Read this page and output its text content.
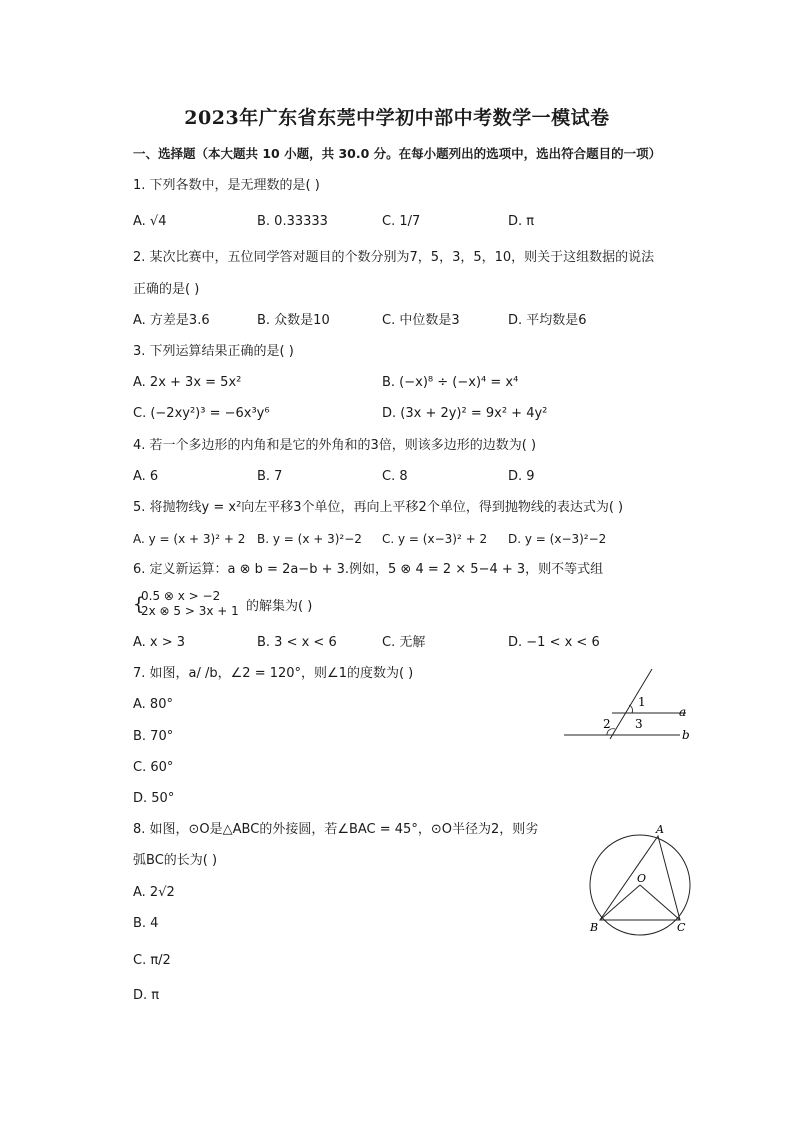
2023年广东省东莞中学初中部中考数学一模试卷
一、选择题（本大题共 10 小题，共 30.0 分。在每小题列出的选项中，选出符合题目的一项）
1. 下列各数中，是无理数的是( )
A. √4	B. 0.33333	C. 1/7	D. π
2. 某次比赛中，五位同学答对题目的个数分别为7，5，3，5，10，则关于这组数据的说法
正确的是( )
A. 方差是3.6	B. 众数是10	C. 中位数是3	D. 平均数是6
3. 下列运算结果正确的是( )
A. 2x + 3x = 5x²	B. (−x)⁸ ÷ (−x)⁴ = x⁴
C. (−2xy²)³ = −6x³y⁶	D. (3x + 2y)² = 9x² + 4y²
4. 若一个多边形的内角和是它的外角和的3倍，则该多边形的边数为( )
A. 6	B. 7	C. 8	D. 9
5. 将抛物线y = x²向左平移3个单位，再向上平移2个单位，得到抛物线的表达式为( )
A. y = (x + 3)² + 2 B. y = (x + 3)²−2 C. y = (x−3)² + 2 D. y = (x−3)²−2
6. 定义新运算：a ⊗ b = 2a−b + 3.例如，5 ⊗ 4 = 2 × 5−4 + 3，则不等式组
{
0.5 ⊗ x > −2
2x ⊗ 5 > 3x + 1 的解集为( )
A. x > 3	B. 3 < x < 6	C. 无解	D. −1 < x < 6
7. 如图，a/ /b，∠2 = 120°，则∠1的度数为( )
A. 80°
B. 70°
C. 60°
D. 50°
1
2 3
a
b
8. 如图，⊙O是△ABC的外接圆，若∠BAC = 45°，⊙O半径为2，则劣
弧BC的长为( )
A. 2√2
B. 4
C. π/2
D. π
A
O
B	C
